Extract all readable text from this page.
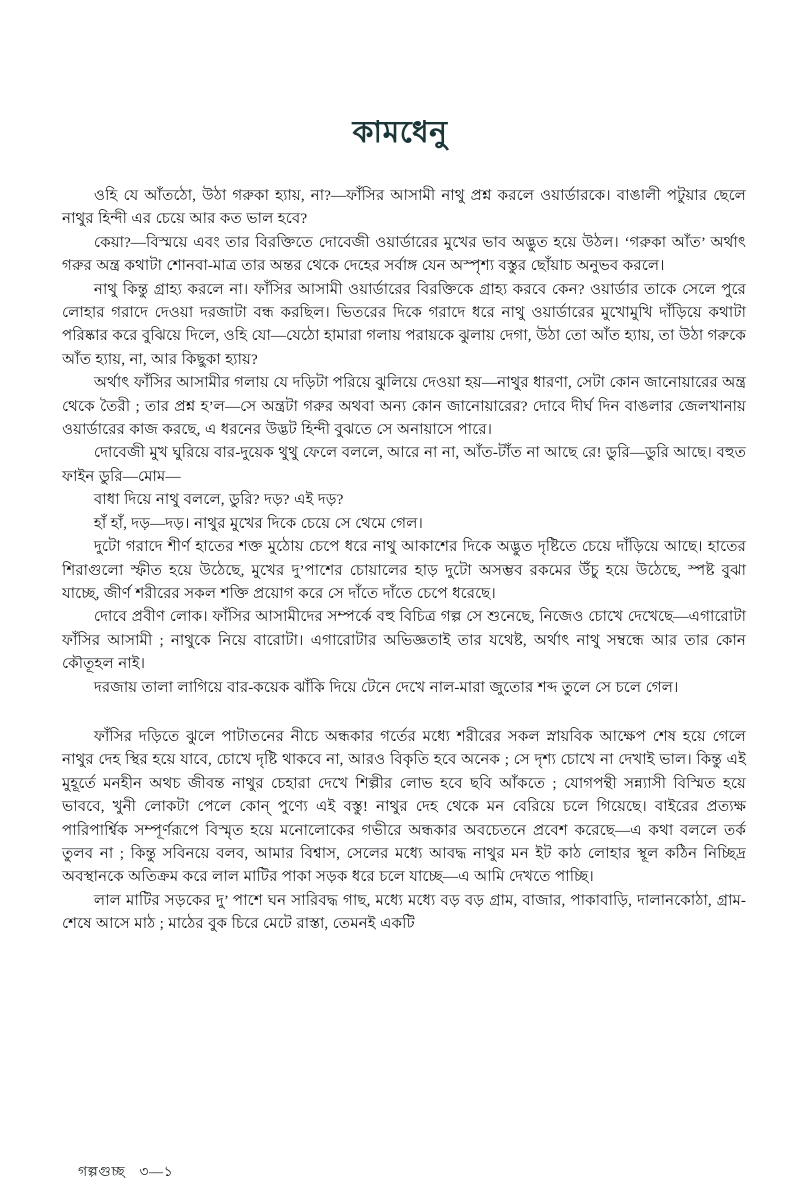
কামধেনু

ওহি যে আঁতঠো, উঠা গরুকা হ্যায়, না?—ফাঁসির আসামী নাথু প্রশ্ন করলে ওয়ার্ডারকে। বাঙালী পটুয়ার ছেলে নাথুর হিন্দী এর চেয়ে আর কত ভাল হবে?

কেয়া?—বিস্ময়ে এবং তার বিরক্তিতে দোবেজী ওয়ার্ডারের মুখের ভাব অদ্ভুত হয়ে উঠল। ‘গরুকা আঁত’ অর্থাৎ গরুর অন্ত্র কথাটা শোনবা-মাত্র তার অন্তর থেকে দেহের সর্বাঙ্গ যেন অস্পৃশ্য বস্তুর ছোঁয়াচ অনুভব করলে।

নাথু কিন্তু গ্রাহ্য করলে না। ফাঁসির আসামী ওয়ার্ডারের বিরক্তিকে গ্রাহ্য করবে কেন? ওয়ার্ডার তাকে সেলে পুরে লোহার গরাদে দেওয়া দরজাটা বন্ধ করছিল। ভিতরের দিকে গরাদে ধরে নাথু ওয়ার্ডারের মুখোমুখি দাঁড়িয়ে কথাটা পরিষ্কার করে বুঝিয়ে দিলে, ওহি যো—যেঠো হামারা গলায় পরায়কে ঝুলায় দেগা, উঠা তো আঁত হ্যায়, তা উঠা গরুকে আঁত হ্যায়, না, আর কিছুকা হ্যায়?

অর্থাৎ ফাঁসির আসামীর গলায় যে দড়িটা পরিয়ে ঝুলিয়ে দেওয়া হয়—নাথুর ধারণা, সেটা কোন জানোয়ারের অন্ত্র থেকে তৈরী ; তার প্রশ্ন হ’ল—সে অন্ত্রটা গরুর অথবা অন্য কোন জানোয়ারের? দোবে দীর্ঘ দিন বাঙলার জেলখানায় ওয়ার্ডারের কাজ করছে, এ ধরনের উদ্ভট হিন্দী বুঝতে সে অনায়াসে পারে।

দোবেজী মুখ ঘুরিয়ে বার-দুয়েক থুথু ফেলে বললে, আরে না না, আঁত-টাঁত না আছে রে! ডুরি—ডুরি আছে। বহুত ফাইন ডুরি—মোম—

বাধা দিয়ে নাথু বললে, ডুরি? দড়? এই দড়?

হাঁ হাঁ, দড়—দড়। নাথুর মুখের দিকে চেয়ে সে থেমে গেল।

দুটো গরাদে শীর্ণ হাতের শক্ত মুঠোয় চেপে ধরে নাথু আকাশের দিকে অদ্ভুত দৃষ্টিতে চেয়ে দাঁড়িয়ে আছে। হাতের শিরাগুলো স্ফীত হয়ে উঠেছে, মুখের দু’পাশের চোয়ালের হাড় দুটো অসম্ভব রকমের উঁচু হয়ে উঠেছে, স্পষ্ট বুঝা যাচ্ছে, জীর্ণ শরীরের সকল শক্তি প্রয়োগ করে সে দাঁতে দাঁতে চেপে ধরেছে।

দোবে প্রবীণ লোক। ফাঁসির আসামীদের সম্পর্কে বহু বিচিত্র গল্প সে শুনেছে, নিজেও চোখে দেখেছে—এগারোটা ফাঁসির আসামী ; নাথুকে নিয়ে বারোটা। এগারোটার অভিজ্ঞতাই তার যথেষ্ট, অর্থাৎ নাথু সম্বন্ধে আর তার কোন কৌতূহল নাই।

দরজায় তালা লাগিয়ে বার-কয়েক ঝাঁকি দিয়ে টেনে দেখে নাল-মারা জুতোর শব্দ তুলে সে চলে গেল।

ফাঁসির দড়িতে ঝুলে পাটাতনের নীচে অন্ধকার গর্তের মধ্যে শরীরের সকল স্নায়বিক আক্ষেপ শেষ হয়ে গেলে নাথুর দেহ স্থির হয়ে যাবে, চোখে দৃষ্টি থাকবে না, আরও বিকৃতি হবে অনেক ; সে দৃশ্য চোখে না দেখাই ভাল। কিন্তু এই মুহূর্তে মনহীন অথচ জীবন্ত নাথুর চেহারা দেখে শিল্পীর লোভ হবে ছবি আঁকতে ; যোগপন্থী সন্ন্যাসী বিস্মিত হয়ে ভাববে, খুনী লোকটা পেলে কোন্ পুণ্যে এই বস্তু! নাথুর দেহ থেকে মন বেরিয়ে চলে গিয়েছে। বাইরের প্রত্যক্ষ পারিপার্শ্বিক সম্পূর্ণরূপে বিস্মৃত হয়ে মনোলোকের গভীরে অন্ধকার অবচেতনে প্রবেশ করেছে—এ কথা বললে তর্ক তুলব না ; কিন্তু সবিনয়ে বলব, আমার বিশ্বাস, সেলের মধ্যে আবদ্ধ নাথুর মন ইট কাঠ লোহার স্থূল কঠিন নিচ্ছিদ্র অবস্থানকে অতিক্রম করে লাল মাটির পাকা সড়ক ধরে চলে যাচ্ছে—এ আমি দেখতে পাচ্ছি।

লাল মাটির সড়কের দু’ পাশে ঘন সারিবদ্ধ গাছ, মধ্যে মধ্যে বড় বড় গ্রাম, বাজার, পাকাবাড়ি, দালানকোঠা, গ্রাম-শেষে আসে মাঠ ; মাঠের বুক চিরে মেটে রাস্তা, তেমনই একটি

গল্পগুচ্ছ ৩—১
